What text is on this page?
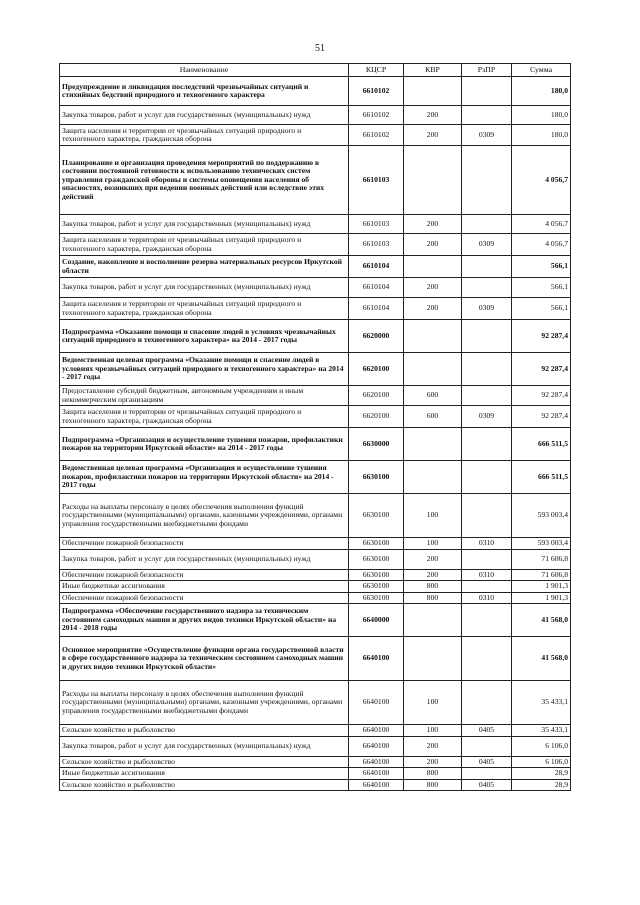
51
Наименование	КЦСР	КВР	РзПР	Сумма
Предупреждение и ликвидация последствий чрезвычайных ситуаций и стихийных бедствий природного и техногенного характера	6610102			180,0
Закупка товаров, работ и услуг для государственных (муниципальных) нужд	6610102	200		180,0
Защита населения и территории от чрезвычайных ситуаций природного и техногенного характера, гражданская оборона	6610102	200	0309	180,0
Планирование и организация проведения мероприятий по поддержанию в состоянии постоянной готовности к использованию технических систем управления гражданской обороны и системы оповещения населения об опасностях, возникших при ведении военных действий или вследствие этих действий	6610103			4 056,7
Закупка товаров, работ и услуг для государственных (муниципальных) нужд	6610103	200		4 056,7
Защита населения и территории от чрезвычайных ситуаций природного и техногенного характера, гражданская оборона	6610103	200	0309	4 056,7
Создание, накопление и восполнение резерва материальных ресурсов Иркутской области	6610104			566,1
Закупка товаров, работ и услуг для государственных (муниципальных) нужд	6610104	200		566,1
Защита населения и территории от чрезвычайных ситуаций природного и техногенного характера, гражданская оборона	6610104	200	0309	566,1
Подпрограмма «Оказание помощи и спасение людей в условиях чрезвычайных ситуаций природного и техногенного характера» на 2014 - 2017 годы	6620000			92 287,4
Ведомственная целевая программа «Оказание помощи и спасение людей в условиях чрезвычайных ситуаций природного и техногенного характера» на 2014 - 2017 годы	6620100			92 287,4
Предоставление субсидий бюджетным, автономным учреждениям и иным некоммерческим организациям	6620100	600		92 287,4
Защита населения и территории от чрезвычайных ситуаций природного и техногенного характера, гражданская оборона	6620100	600	0309	92 287,4
Подпрограмма «Организация и осуществление тушения пожаров, профилактики пожаров на территории Иркутской области» на 2014 - 2017 годы	6630000			666 511,5
Ведомственная целевая программа «Организация и осуществление тушения пожаров, профилактики пожаров на территории Иркутской области» на 2014 - 2017 годы	6630100			666 511,5
Расходы на выплаты персоналу в целях обеспечения выполнения функций государственными (муниципальными) органами, казенными учреждениями, органами управления государственными внебюджетными фондами	6630100	100		593 003,4
Обеспечение пожарной безопасности	6630100	100	0310	593 003,4
Закупка товаров, работ и услуг для государственных (муниципальных) нужд	6630100	200		71 606,8
Обеспечение пожарной безопасности	6630100	200	0310	71 606,8
Иные бюджетные ассигнования	6630100	800		1 901,3
Обеспечение пожарной безопасности	6630100	800	0310	1 901,3
Подпрограмма «Обеспечение государственного надзора за техническим состоянием самоходных машин и других видов техники Иркутской области» на 2014 - 2018 годы	6640000			41 568,0
Основное мероприятие «Осуществление функции органа государственной власти в сфере государственного надзора за техническим состоянием самоходных машин и других видов техники Иркутской области»	6640100			41 568,0
Расходы на выплаты персоналу в целях обеспечения выполнения функций государственными (муниципальными) органами, казенными учреждениями, органами управления государственными внебюджетными фондами	6640100	100		35 433,1
Сельское хозяйство и рыболовство	6640100	100	0405	35 433,1
Закупка товаров, работ и услуг для государственных (муниципальных) нужд	6640100	200		6 106,0
Сельское хозяйство и рыболовство	6640100	200	0405	6 106,0
Иные бюджетные ассигнования	6640100	800		28,9
Сельское хозяйство и рыболовство	6640100	800	0405	28,9
